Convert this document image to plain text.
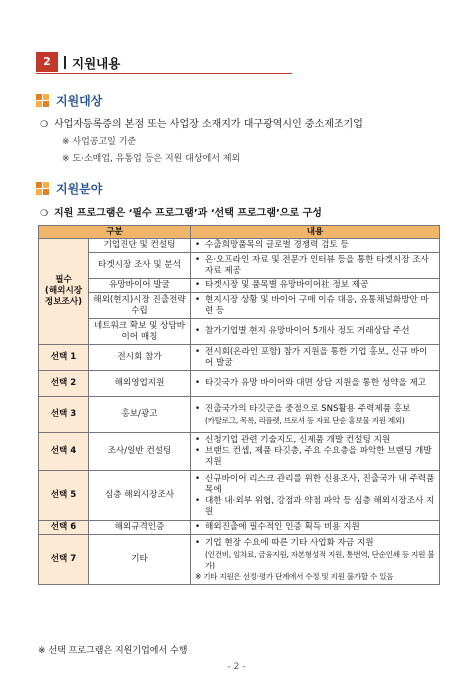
2	지원내용
지원대상
❍ 사업자등록증의 본점 또는 사업장 소재지가 대구광역시인 중소제조기업
※ 사업공고일 기준
※ 도·소매업, 유통업 등은 지원 대상에서 제외
지원분야
❍ 지원 프로그램은 ‘필수 프로그램’과 ‘선택 프로그램’으로 구성
구분		내용
필수
(해외시장
정보조사)	기업진단 및 컨설팅	• 수출희망품목의 글로벌 경쟁력 검토 등

	타겟시장 조사 및 분석	• 온·오프라인 자료 및 전문가 인터뷰 등을 통한 타겟시장 조사자료 제공

	유망바이어 발굴	• 타겟시장 및 품목별 유망바이어社 정보 제공

	해외(현지)시장 진출전략 수립	• 현지시장 상황 및 바이어 구매 이슈 대응, 유통채널화방안 마련 등

	네트워크 확보 및 상담바이어 매칭	• 참가기업별 현지 유망바이어 5개사 정도 거래상담 주선

선택 1	전시회 참가	• 전시회(온라인 포함) 참가 지원을 통한 기업 홍보, 신규 바이어 발굴

선택 2	해외영업지원	• 타깃국가 유망 바이어와 대면 상담 지원을 통한 성약을 제고

선택 3	홍보/광고	• 진출국가의 타깃군을 중점으로 SNS활용 주력제품 홍보
(카탈로그, 목록, 리플렛, 브로셔 등 자료 단순 홍보물 지원 제외)

선택 4	조사/일반 컨설팅	• 신청기업 관련 기술지도, 신제품 개발 컨설팅 지원
• 브랜드 컨셉, 제품 타깃층, 주요 수요층을 파악한 브랜딩 개발 지원

선택 5	심층 해외시장조사	• 신규바이어 리스크 관리를 위한 신용조사, 진출국가 내 주력품목에
• 대한 내·외부 위협, 강점과 약점 파악 등 심층 해외시장조사 지원

선택 6	해외규격인증	• 해외진출에 필수적인 인증 획득 비용 지원

선택 7	기타	• 기업 현장 수요에 따른 기타 사업화 자금 지원
(인건비, 임차료, 금융지원, 자본형성적 지원, 통번역, 단순인쇄 등 지원 불가)
※ 기타 지원은 선정·평가 단계에서 수정 및 지원 불가할 수 있음
※ 선택 프로그램은 지원기업에서 수행
- 2 -
